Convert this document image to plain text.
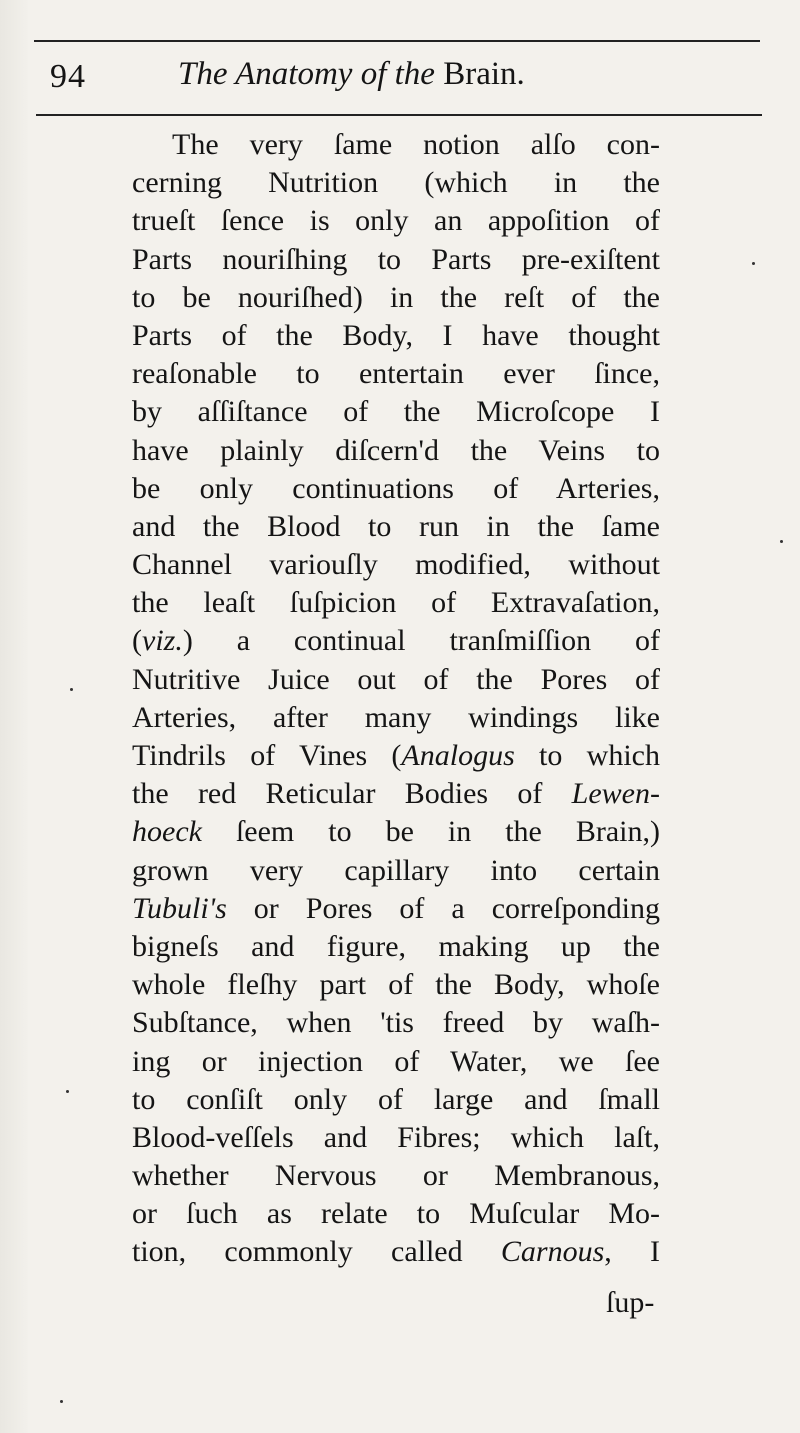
94	The Anatomy of the Brain.
The very ſame notion alſo con-
cerning Nutrition (which in the
trueſt ſence is only an appoſition of
Parts nouriſhing to Parts pre-exiſtent
to be nouriſhed) in the reſt of the
Parts of the Body, I have thought
reaſonable to entertain ever ſince,
by aſſiſtance of the Microſcope I
have plainly diſcern'd the Veins to
be only continuations of Arteries,
and the Blood to run in the ſame
Channel variouſly modified, without
the leaſt ſuſpicion of Extravaſation,
(viz.) a continual tranſmiſſion of
Nutritive Juice out of the Pores of
Arteries, after many windings like
Tindrils of Vines (Analogus to which
the red Reticular Bodies of Lewen-
hoeck ſeem to be in the Brain,)
grown very capillary into certain
Tubuli's or Pores of a correſponding
bigneſs and figure, making up the
whole fleſhy part of the Body, whoſe
Subſtance, when 'tis freed by waſh-
ing or injection of Water, we ſee
to conſiſt only of large and ſmall
Blood-veſſels and Fibres; which laſt,
whether Nervous or Membranous,
or ſuch as relate to Muſcular Mo-
tion, commonly called Carnous, I
ſup-
